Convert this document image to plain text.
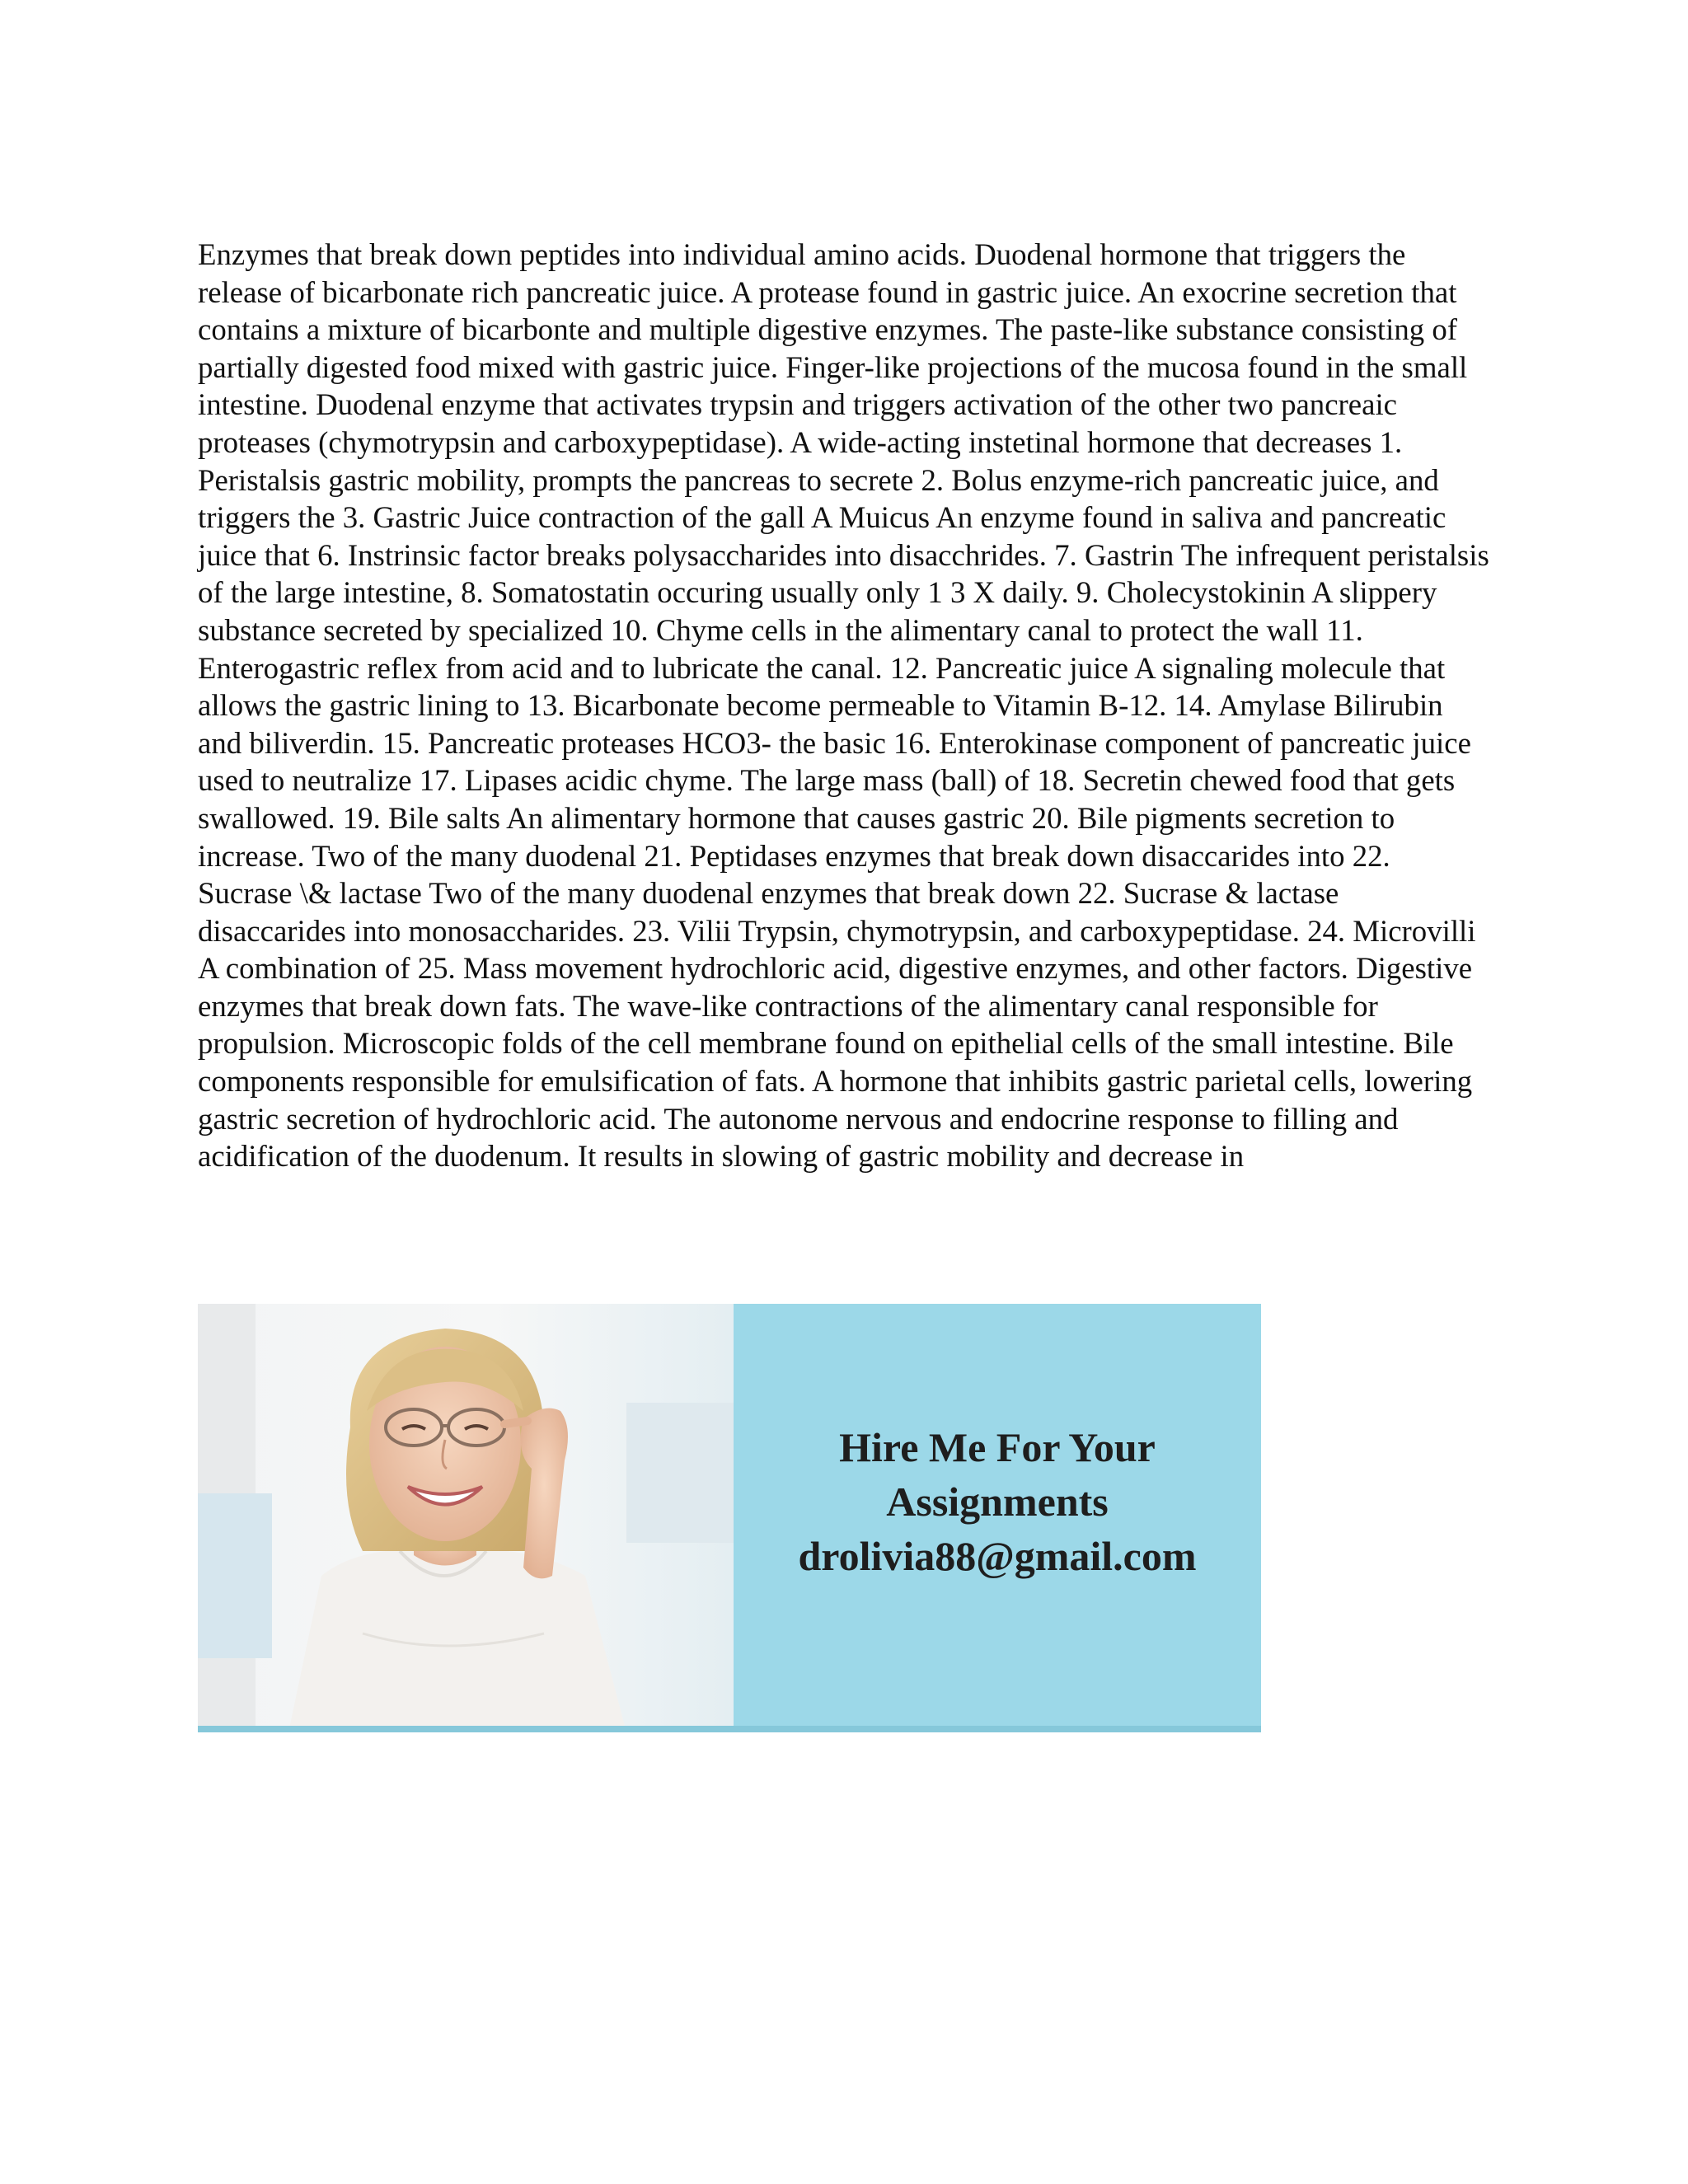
Enzymes that break down peptides into individual amino acids. Duodenal hormone that triggers the release of bicarbonate rich pancreatic juice. A protease found in gastric juice. An exocrine secretion that contains a mixture of bicarbonte and multiple digestive enzymes. The paste-like substance consisting of partially digested food mixed with gastric juice. Finger-like projections of the mucosa found in the small intestine. Duodenal enzyme that activates trypsin and triggers activation of the other two pancreaic proteases (chymotrypsin and carboxypeptidase). A wide-acting instetinal hormone that decreases 1. Peristalsis gastric mobility, prompts the pancreas to secrete 2. Bolus enzyme-rich pancreatic juice, and triggers the 3. Gastric Juice contraction of the gall A Muicus An enzyme found in saliva and pancreatic juice that 6. Instrinsic factor breaks polysaccharides into disacchrides. 7. Gastrin The infrequent peristalsis of the large intestine, 8. Somatostatin occuring usually only 1 3 X daily. 9. Cholecystokinin A slippery substance secreted by specialized 10. Chyme cells in the alimentary canal to protect the wall 11. Enterogastric reflex from acid and to lubricate the canal. 12. Pancreatic juice A signaling molecule that allows the gastric lining to 13. Bicarbonate become permeable to Vitamin B-12. 14. Amylase Bilirubin and biliverdin. 15. Pancreatic proteases HCO3- the basic 16. Enterokinase component of pancreatic juice used to neutralize 17. Lipases acidic chyme. The large mass (ball) of 18. Secretin chewed food that gets swallowed. 19. Bile salts An alimentary hormone that causes gastric 20. Bile pigments secretion to increase. Two of the many duodenal 21. Peptidases enzymes that break down disaccarides into 22. Sucrase \& lactase Two of the many duodenal enzymes that break down 22. Sucrase & lactase disaccarides into monosaccharides. 23. Vilii Trypsin, chymotrypsin, and carboxypeptidase. 24. Microvilli A combination of 25. Mass movement hydrochloric acid, digestive enzymes, and other factors. Digestive enzymes that break down fats. The wave-like contractions of the alimentary canal responsible for propulsion. Microscopic folds of the cell membrane found on epithelial cells of the small intestine. Bile components responsible for emulsification of fats. A hormone that inhibits gastric parietal cells, lowering gastric secretion of hydrochloric acid. The autonome nervous and endocrine response to filling and acidification of the duodenum. It results in slowing of gastric mobility and decrease in

Hire Me For Your
Assignments
drolivia88@gmail.com
